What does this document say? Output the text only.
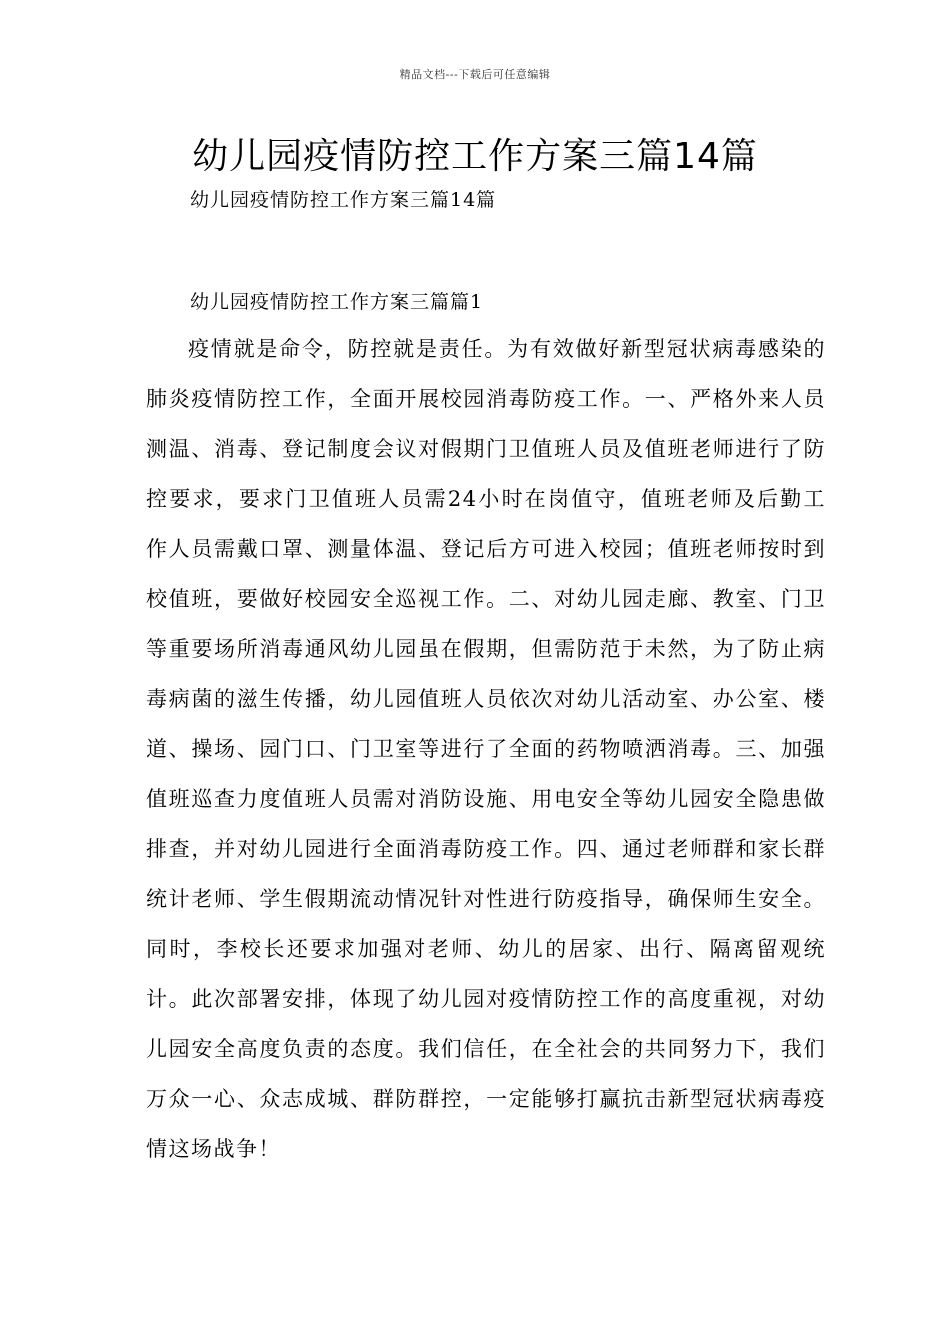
精品文档---下载后可任意编辑
幼儿园疫情防控工作方案三篇14篇
幼儿园疫情防控工作方案三篇14篇
幼儿园疫情防控工作方案三篇篇1

疫情就是命令，防控就是责任。为有效做好新型冠状病毒感染的肺炎疫情防控工作，全面开展校园消毒防疫工作。一、严格外来人员测温、消毒、登记制度会议对假期门卫值班人员及值班老师进行了防控要求，要求门卫值班人员需24小时在岗值守，值班老师及后勤工作人员需戴口罩、测量体温、登记后方可进入校园；值班老师按时到校值班，要做好校园安全巡视工作。二、对幼儿园走廊、教室、门卫等重要场所消毒通风幼儿园虽在假期，但需防范于未然，为了防止病毒病菌的滋生传播，幼儿园值班人员依次对幼儿活动室、办公室、楼道、操场、园门口、门卫室等进行了全面的药物喷洒消毒。三、加强值班巡查力度值班人员需对消防设施、用电安全等幼儿园安全隐患做排查，并对幼儿园进行全面消毒防疫工作。四、通过老师群和家长群统计老师、学生假期流动情况针对性进行防疫指导，确保师生安全。同时，李校长还要求加强对老师、幼儿的居家、出行、隔离留观统计。此次部署安排，体现了幼儿园对疫情防控工作的高度重视，对幼儿园安全高度负责的态度。我们信任，在全社会的共同努力下，我们万众一心、众志成城、群防群控，一定能够打赢抗击新型冠状病毒疫情这场战争！
